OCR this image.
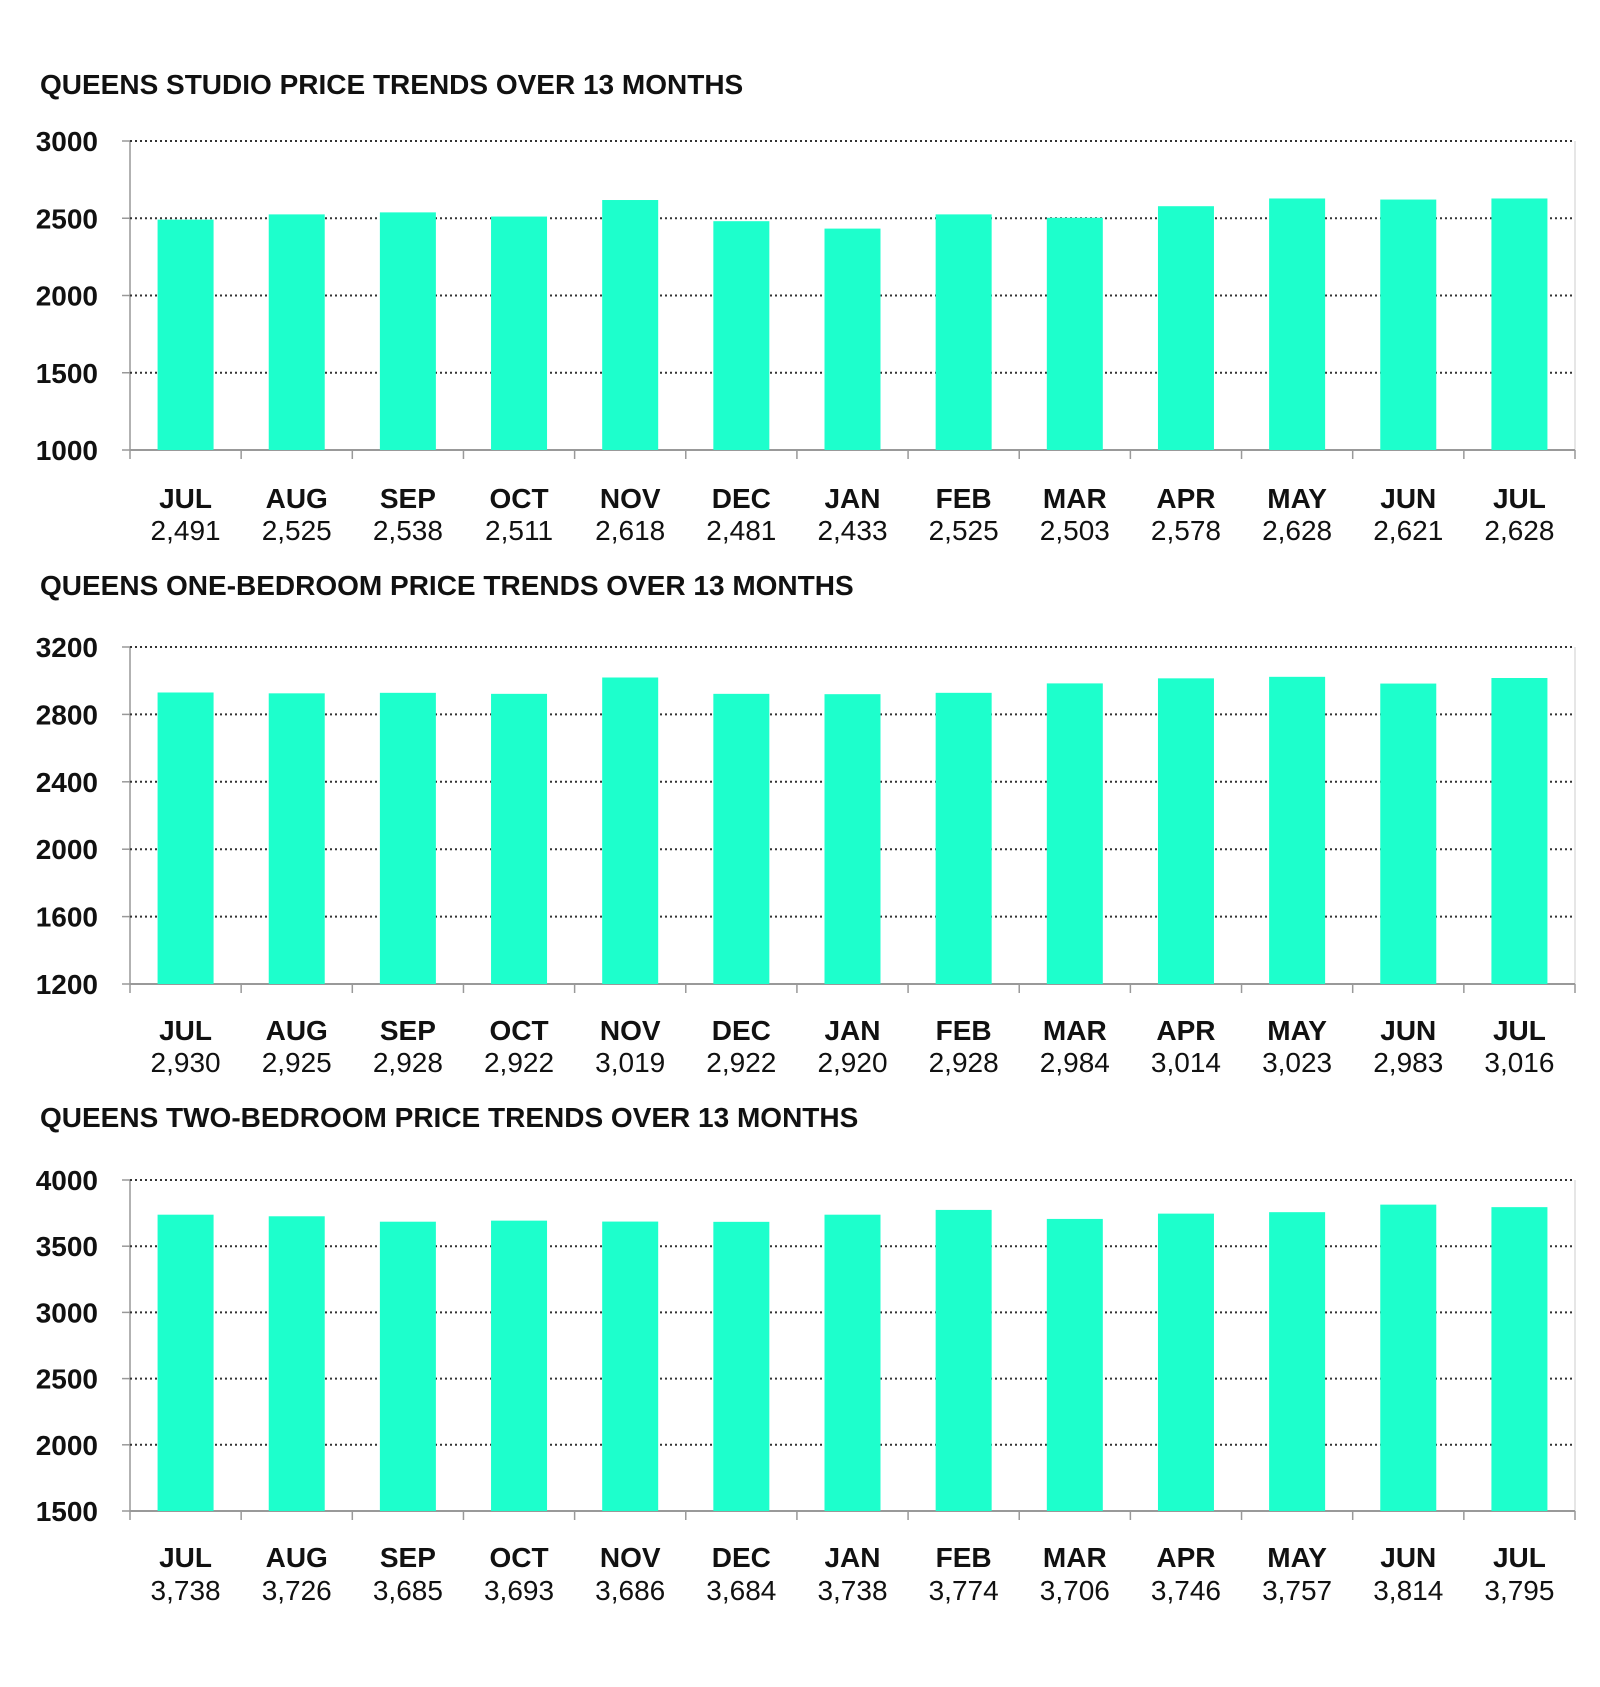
QUEENS STUDIO PRICE TRENDS OVER 13 MONTHS
3000
2500
2000
1500
1000
JUL
2,491
AUG
2,525
SEP
2,538
OCT
2,511
NOV
2,618
DEC
2,481
JAN
2,433
FEB
2,525
MAR
2,503
APR
2,578
MAY
2,628
JUN
2,621
JUL
2,628
QUEENS ONE-BEDROOM PRICE TRENDS OVER 13 MONTHS
3200
2800
2400
2000
1600
1200
JUL
2,930
AUG
2,925
SEP
2,928
OCT
2,922
NOV
3,019
DEC
2,922
JAN
2,920
FEB
2,928
MAR
2,984
APR
3,014
MAY
3,023
JUN
2,983
JUL
3,016
QUEENS TWO-BEDROOM PRICE TRENDS OVER 13 MONTHS
4000
3500
3000
2500
2000
1500
JUL
3,738
AUG
3,726
SEP
3,685
OCT
3,693
NOV
3,686
DEC
3,684
JAN
3,738
FEB
3,774
MAR
3,706
APR
3,746
MAY
3,757
JUN
3,814
JUL
3,795
